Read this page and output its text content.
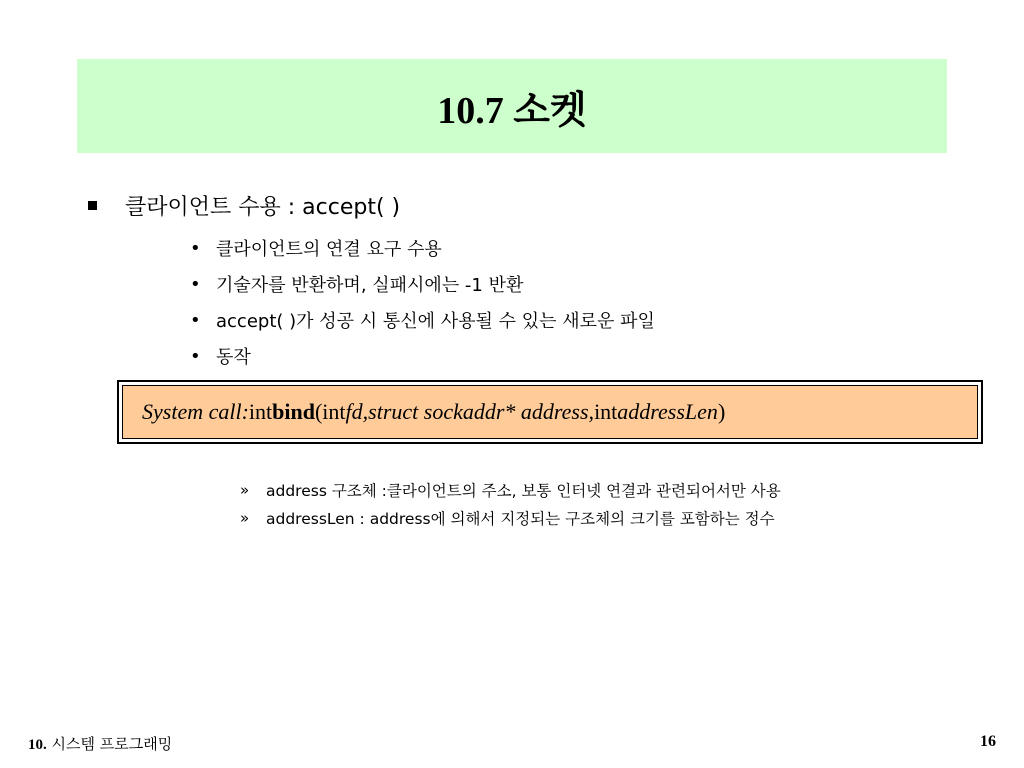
10.7 소켓
클라이언트 수용 : accept( )
• 클라이언트의 연결 요구 수용
• 기술자를 반환하며, 실패시에는 -1 반환
• accept( )가 성공 시 통신에 사용될 수 있는 새로운 파일
• 동작
System call: int bind ( int fd, struct sockaddr* address, int addressLen )
»	address 구조체 :클라이언트의 주소, 보통 인터넷 연결과 관련되어서만 사용
»	addressLen : address에 의해서 지정되는 구조체의 크기를 포함하는 정수
10. 시스템 프로그래밍	16
